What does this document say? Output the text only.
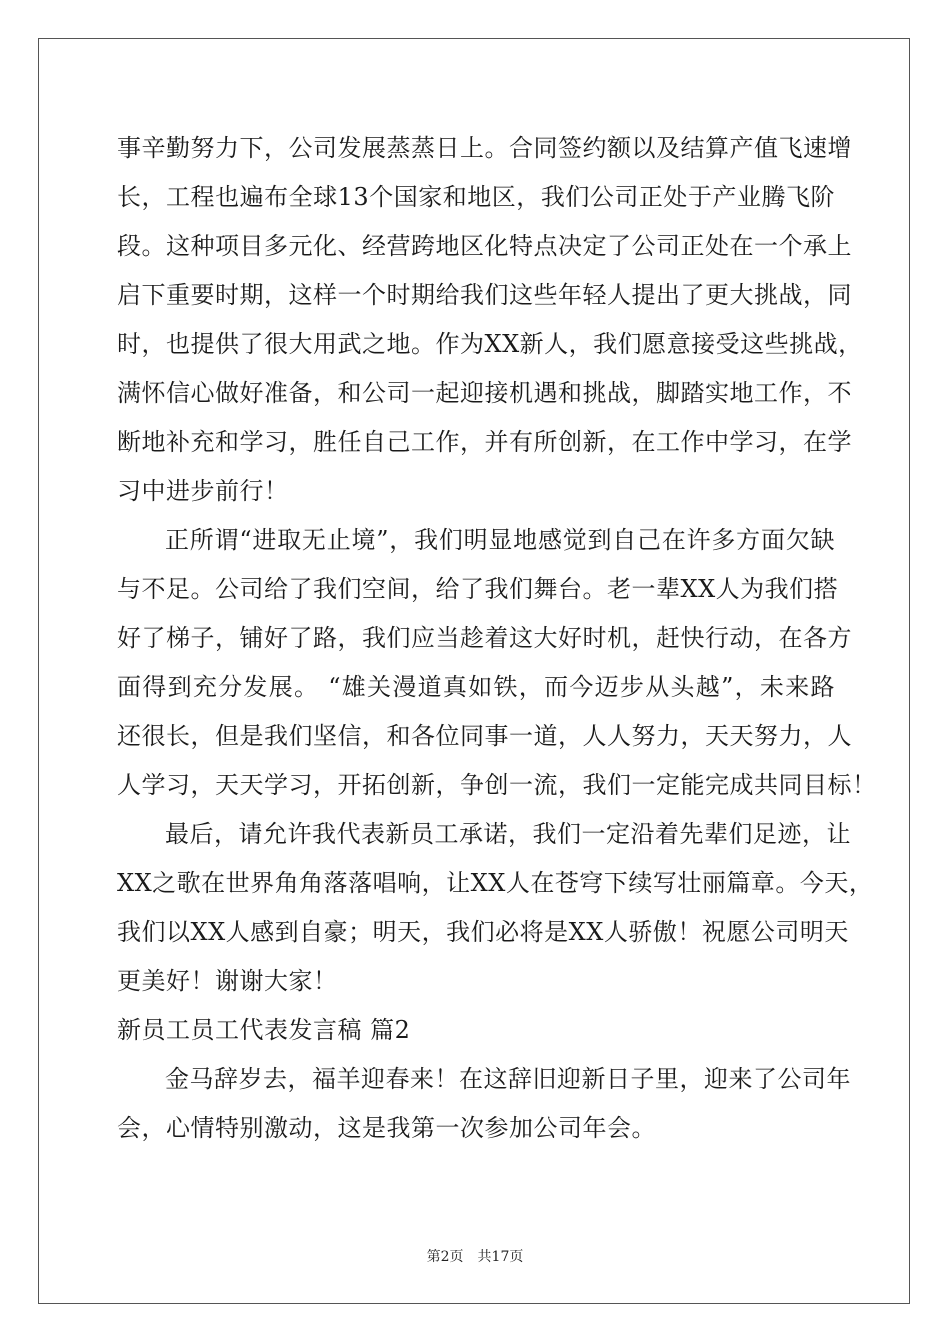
事辛勤努力下，公司发展蒸蒸日上。合同签约额以及结算产值飞速增
长，工程也遍布全球13个国家和地区，我们公司正处于产业腾飞阶
段。这种项目多元化、经营跨地区化特点决定了公司正处在一个承上
启下重要时期，这样一个时期给我们这些年轻人提出了更大挑战，同
时，也提供了很大用武之地。作为XX新人，我们愿意接受这些挑战，
满怀信心做好准备，和公司一起迎接机遇和挑战，脚踏实地工作，不
断地补充和学习，胜任自己工作，并有所创新，在工作中学习，在学
习中进步前行！
正所谓“进取无止境”，我们明显地感觉到自己在许多方面欠缺
与不足。公司给了我们空间，给了我们舞台。老一辈XX人为我们搭
好了梯子，铺好了路，我们应当趁着这大好时机，赶快行动，在各方
面得到充分发展。 “雄关漫道真如铁，而今迈步从头越”，未来路
还很长，但是我们坚信，和各位同事一道，人人努力，天天努力，人
人学习，天天学习，开拓创新，争创一流，我们一定能完成共同目标！
最后，请允许我代表新员工承诺，我们一定沿着先辈们足迹，让
XX之歌在世界角角落落唱响，让XX人在苍穹下续写壮丽篇章。今天，
我们以XX人感到自豪；明天，我们必将是XX人骄傲！祝愿公司明天
更美好！谢谢大家！
新员工员工代表发言稿 篇2
金马辞岁去，福羊迎春来！在这辞旧迎新日子里，迎来了公司年
会，心情特别激动，这是我第一次参加公司年会。
第2页 共17页
